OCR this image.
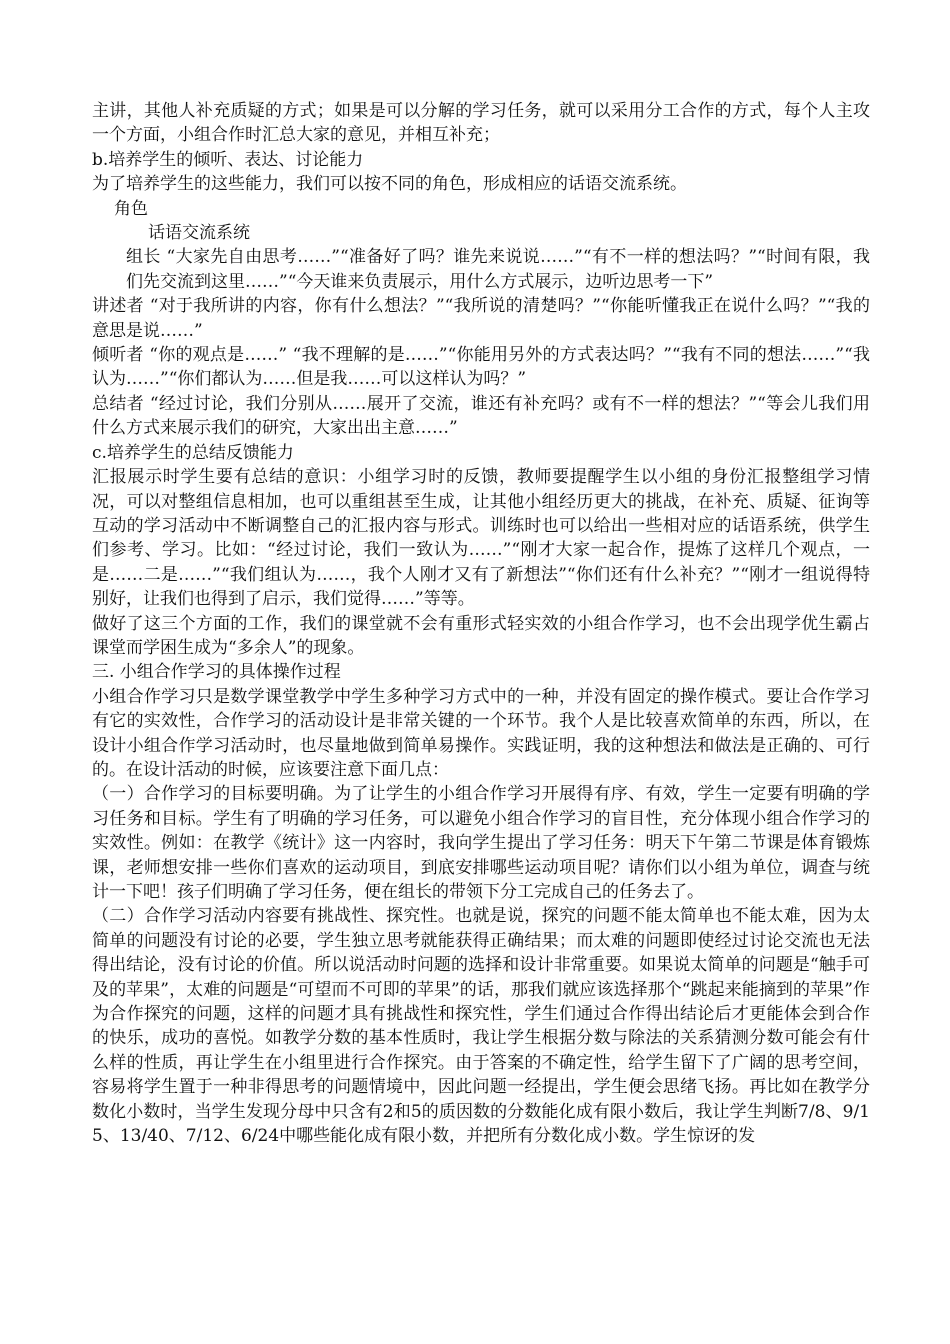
主讲，其他人补充质疑的方式；如果是可以分解的学习任务，就可以采用分工合作的方式，每个人主攻一个方面，小组合作时汇总大家的意见，并相互补充；

b.培养学生的倾听、表达、讨论能力

为了培养学生的这些能力，我们可以按不同的角色，形成相应的话语交流系统。

角色

话语交流系统

组长 “大家先自由思考……”“准备好了吗？谁先来说说……”“有不一样的想法吗？”“时间有限，我们先交流到这里……”“今天谁来负责展示，用什么方式展示，边听边思考一下”

讲述者 “对于我所讲的内容，你有什么想法？”“我所说的清楚吗？”“你能听懂我正在说什么吗？”“我的意思是说……”

倾听者 “你的观点是……” “我不理解的是……”“你能用另外的方式表达吗？”“我有不同的想法……”“我认为……”“你们都认为……但是我……可以这样认为吗？”

总结者 “经过讨论，我们分别从……展开了交流，谁还有补充吗？或有不一样的想法？”“等会儿我们用什么方式来展示我们的研究，大家出出主意……”

c.培养学生的总结反馈能力

汇报展示时学生要有总结的意识：小组学习时的反馈，教师要提醒学生以小组的身份汇报整组学习情况，可以对整组信息相加，也可以重组甚至生成，让其他小组经历更大的挑战，在补充、质疑、征询等互动的学习活动中不断调整自己的汇报内容与形式。训练时也可以给出一些相对应的话语系统，供学生们参考、学习。比如：“经过讨论，我们一致认为……”“刚才大家一起合作，提炼了这样几个观点，一是……二是……”“我们组认为……，我个人刚才又有了新想法”“你们还有什么补充？”“刚才一组说得特别好，让我们也得到了启示，我们觉得……”等等。

做好了这三个方面的工作，我们的课堂就不会有重形式轻实效的小组合作学习，也不会出现学优生霸占课堂而学困生成为“多余人”的现象。

三. 小组合作学习的具体操作过程

小组合作学习只是数学课堂教学中学生多种学习方式中的一种，并没有固定的操作模式。要让合作学习有它的实效性，合作学习的活动设计是非常关键的一个环节。我个人是比较喜欢简单的东西，所以，在设计小组合作学习活动时，也尽量地做到简单易操作。实践证明，我的这种想法和做法是正确的、可行的。在设计活动的时候，应该要注意下面几点：

（一）合作学习的目标要明确。为了让学生的小组合作学习开展得有序、有效，学生一定要有明确的学习任务和目标。学生有了明确的学习任务，可以避免小组合作学习的盲目性，充分体现小组合作学习的实效性。例如：在教学《统计》这一内容时，我向学生提出了学习任务：明天下午第二节课是体育锻炼课，老师想安排一些你们喜欢的运动项目，到底安排哪些运动项目呢？请你们以小组为单位，调查与统计一下吧！孩子们明确了学习任务，便在组长的带领下分工完成自己的任务去了。

（二）合作学习活动内容要有挑战性、探究性。也就是说，探究的问题不能太简单也不能太难，因为太简单的问题没有讨论的必要，学生独立思考就能获得正确结果；而太难的问题即使经过讨论交流也无法得出结论，没有讨论的价值。所以说活动时问题的选择和设计非常重要。如果说太简单的问题是“触手可及的苹果”，太难的问题是“可望而不可即的苹果”的话，那我们就应该选择那个“跳起来能摘到的苹果”作为合作探究的问题，这样的问题才具有挑战性和探究性，学生们通过合作得出结论后才更能体会到合作的快乐，成功的喜悦。如教学分数的基本性质时，我让学生根据分数与除法的关系猜测分数可能会有什么样的性质，再让学生在小组里进行合作探究。由于答案的不确定性，给学生留下了广阔的思考空间，容易将学生置于一种非得思考的问题情境中，因此问题一经提出，学生便会思绪飞扬。再比如在教学分数化小数时，当学生发现分母中只含有2和5的质因数的分数能化成有限小数后，我让学生判断7/8、9/15、13/40、7/12、6/24中哪些能化成有限小数，并把所有分数化成小数。学生惊讶的发
